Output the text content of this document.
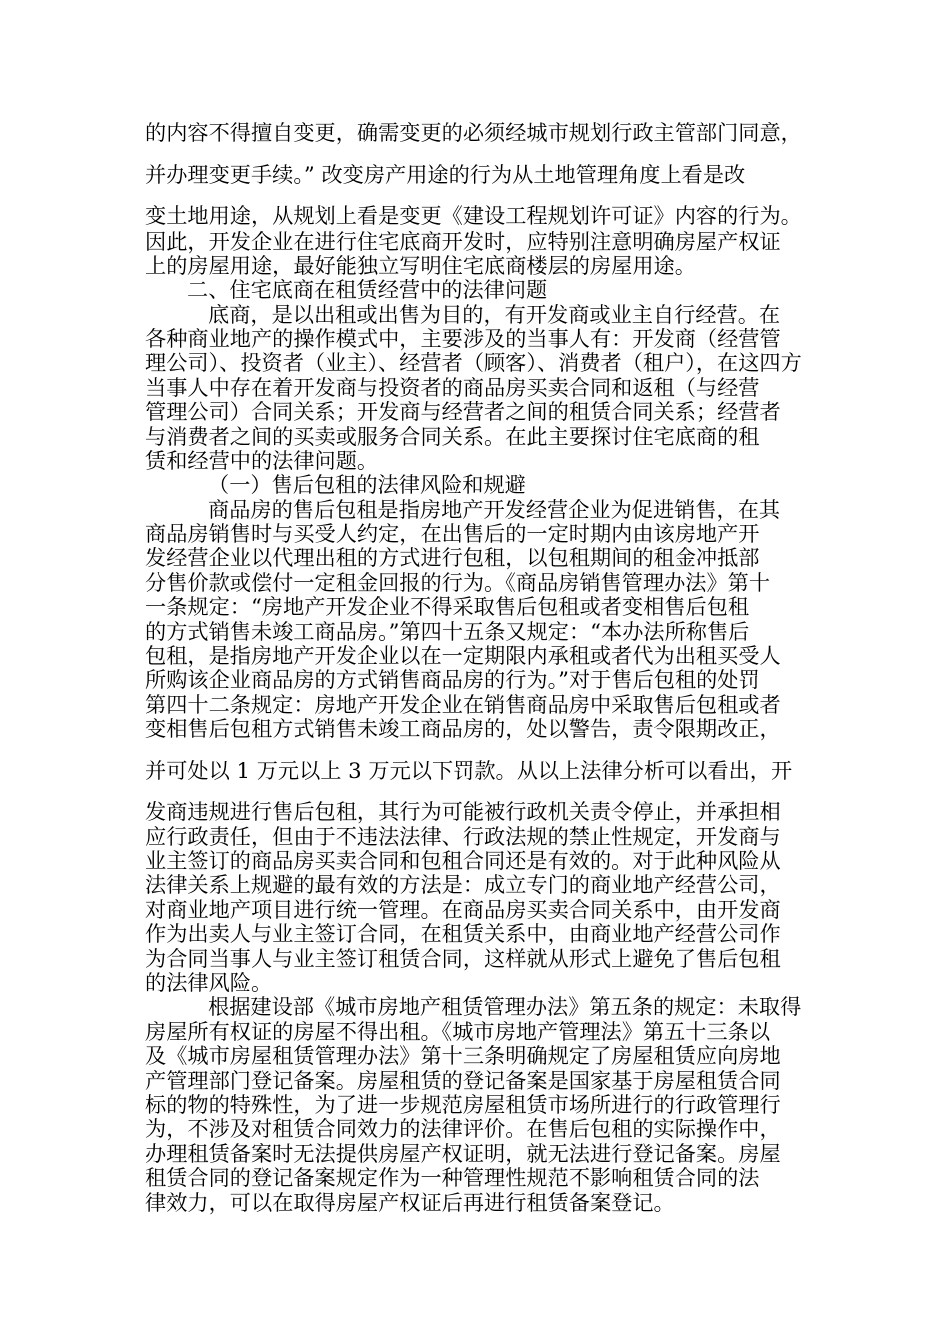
的内容不得擅自变更，确需变更的必须经城市规划行政主管部门同意，
并办理变更手续。” 改变房产用途的行为从土地管理角度上看是改
变土地用途，从规划上看是变更《建设工程规划许可证》内容的行为。
因此，开发企业在进行住宅底商开发时，应特别注意明确房屋产权证
上的房屋用途，最好能独立写明住宅底商楼层的房屋用途。
二、住宅底商在租赁经营中的法律问题
底商，是以出租或出售为目的，有开发商或业主自行经营。在
各种商业地产的操作模式中，主要涉及的当事人有：开发商（经营管
理公司）、投资者（业主）、经营者（顾客）、消费者（租户），在这四方
当事人中存在着开发商与投资者的商品房买卖合同和返租（与经营
管理公司）合同关系；开发商与经营者之间的租赁合同关系；经营者
与消费者之间的买卖或服务合同关系。在此主要探讨住宅底商的租
赁和经营中的法律问题。
（一）售后包租的法律风险和规避
商品房的售后包租是指房地产开发经营企业为促进销售，在其
商品房销售时与买受人约定，在出售后的一定时期内由该房地产开
发经营企业以代理出租的方式进行包租，以包租期间的租金冲抵部
分售价款或偿付一定租金回报的行为。《商品房销售管理办法》第十
一条规定：“房地产开发企业不得采取售后包租或者变相售后包租
的方式销售未竣工商品房。”第四十五条又规定：“本办法所称售后
包租，是指房地产开发企业以在一定期限内承租或者代为出租买受人
所购该企业商品房的方式销售商品房的行为。”对于售后包租的处罚
第四十二条规定：房地产开发企业在销售商品房中采取售后包租或者
变相售后包租方式销售未竣工商品房的，处以警告，责令限期改正，
并可处以 1 万元以上 3 万元以下罚款。从以上法律分析可以看出，开
发商违规进行售后包租，其行为可能被行政机关责令停止，并承担相
应行政责任，但由于不违法法律、行政法规的禁止性规定，开发商与
业主签订的商品房买卖合同和包租合同还是有效的。对于此种风险从
法律关系上规避的最有效的方法是：成立专门的商业地产经营公司，
对商业地产项目进行统一管理。在商品房买卖合同关系中，由开发商
作为出卖人与业主签订合同，在租赁关系中，由商业地产经营公司作
为合同当事人与业主签订租赁合同，这样就从形式上避免了售后包租
的法律风险。
根据建设部《城市房地产租赁管理办法》第五条的规定：未取得
房屋所有权证的房屋不得出租。《城市房地产管理法》第五十三条以
及《城市房屋租赁管理办法》第十三条明确规定了房屋租赁应向房地
产管理部门登记备案。房屋租赁的登记备案是国家基于房屋租赁合同
标的物的特殊性，为了进一步规范房屋租赁市场所进行的行政管理行
为，不涉及对租赁合同效力的法律评价。在售后包租的实际操作中，
办理租赁备案时无法提供房屋产权证明，就无法进行登记备案。房屋
租赁合同的登记备案规定作为一种管理性规范不影响租赁合同的法
律效力，可以在取得房屋产权证后再进行租赁备案登记。
